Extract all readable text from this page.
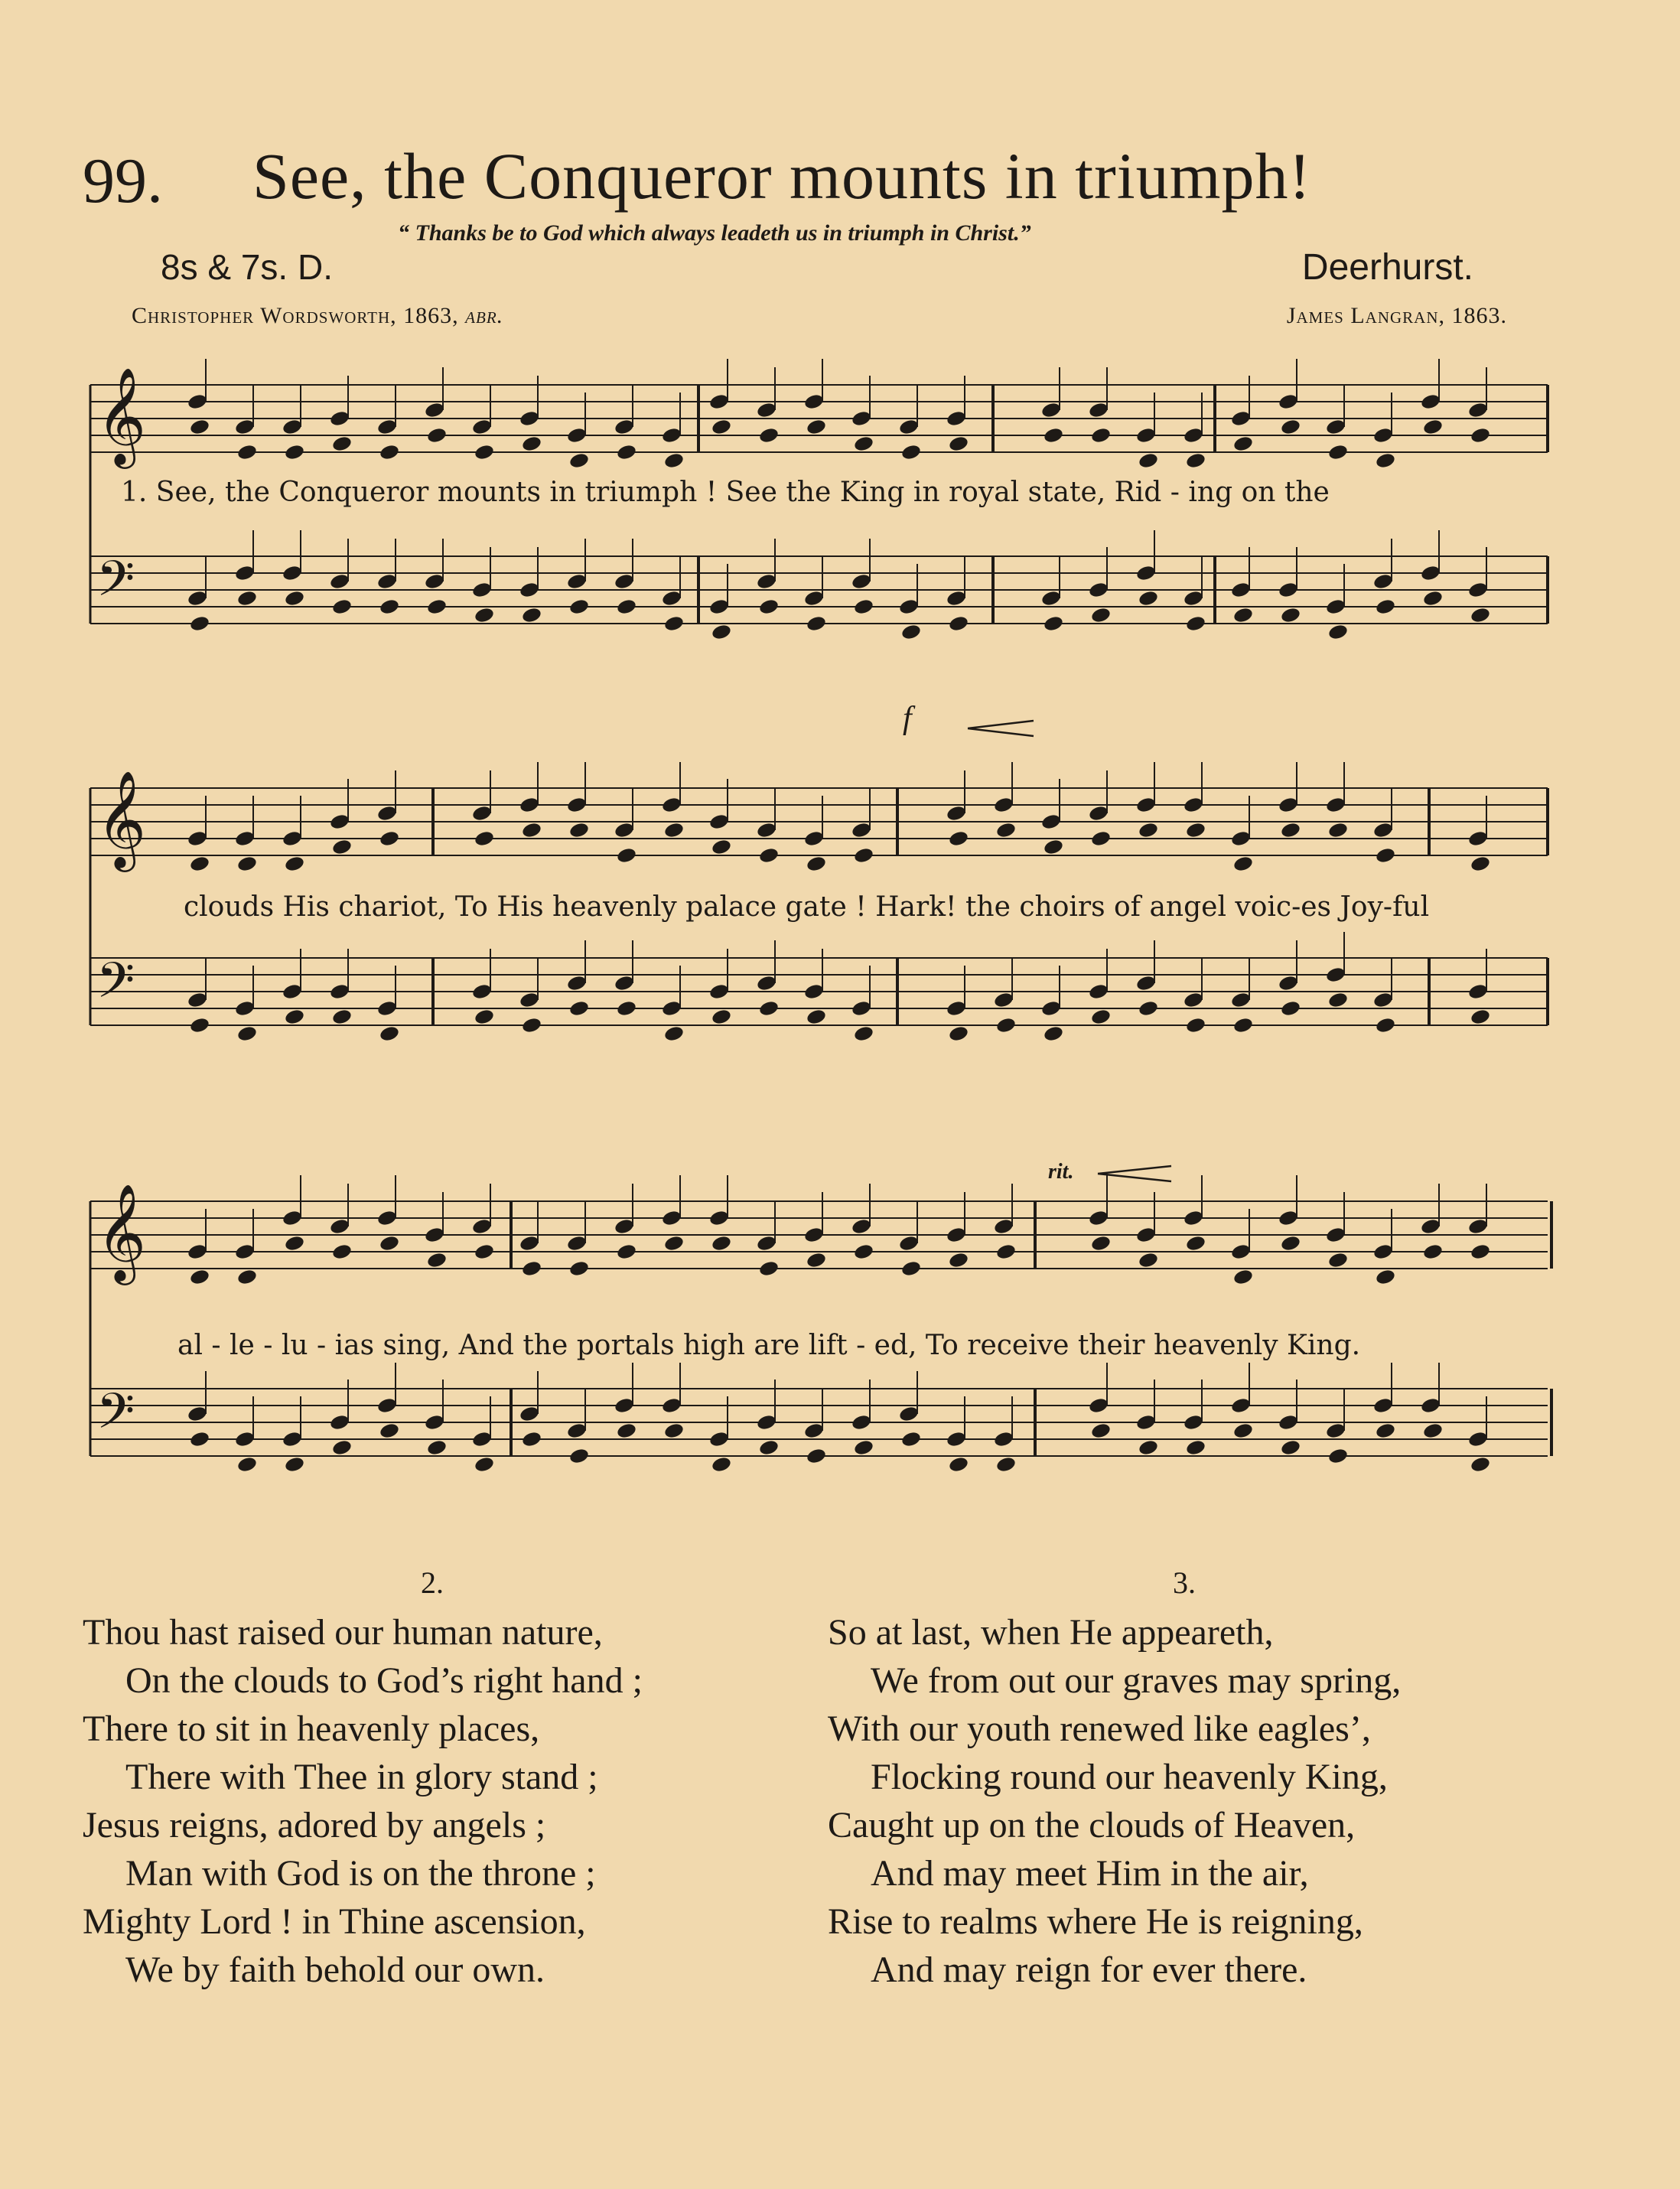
99. See, the Conqueror mounts in triumph!
“ Thanks be to God which always leadeth us in triumph in Christ.”
8s & 7s. D.	Deerhurst.
Christopher Wordsworth, 1863, abr.	James Langran, 1863.
𝄞
𝄢
1. See, the Conqueror mounts in triumph ! See the King in royal state, Rid - ing on the
𝄞
𝄢
f
clouds His chariot, To His heavenly palace gate ! Hark! the choirs of angel voic-es Joy-ful
𝄞
𝄢
rit.
al - le - lu - ias sing, And the portals high are lift - ed, To receive their heavenly King.
2.	3.
Thou hast raised our human nature,
On the clouds to God’s right hand ;
There to sit in heavenly places,
There with Thee in glory stand ;
Jesus reigns, adored by angels ;
Man with God is on the throne ;
Mighty Lord ! in Thine ascension,
We by faith behold our own.
So at last, when He appeareth,
We from out our graves may spring,
With our youth renewed like eagles’,
Flocking round our heavenly King,
Caught up on the clouds of Heaven,
And may meet Him in the air,
Rise to realms where He is reigning,
And may reign for ever there.
